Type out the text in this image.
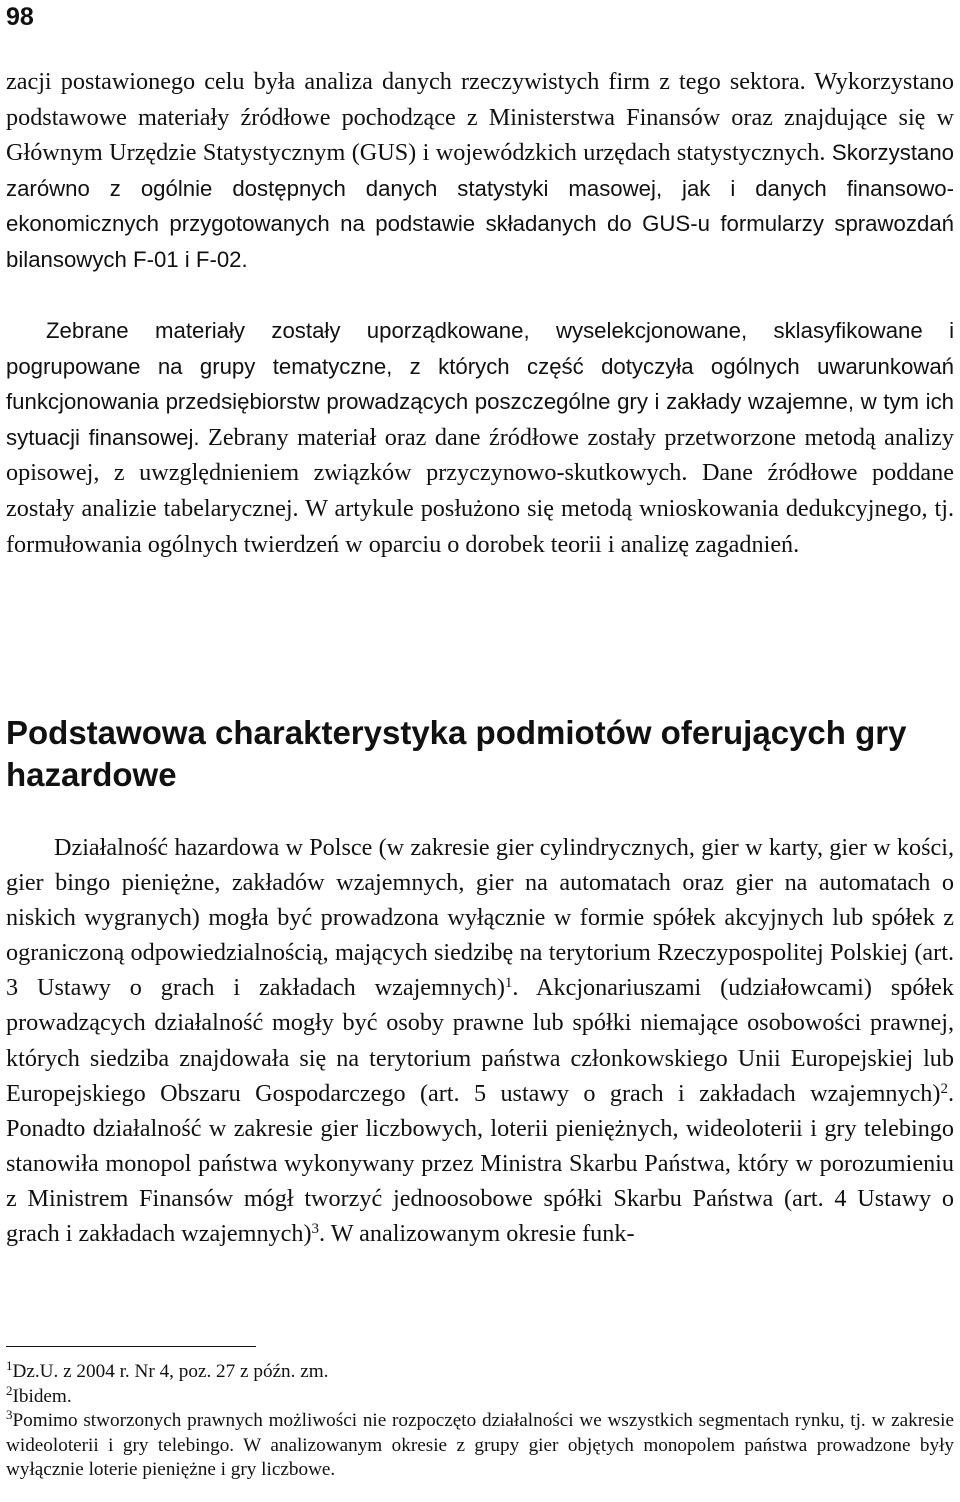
98

zacji postawionego celu była analiza danych rzeczywistych firm z tego sektora. Wykorzystano podstawowe materiały źródłowe pochodzące z Ministerstwa Finansów oraz znajdujące się w Głównym Urzędzie Statystycznym (GUS) i wojewódzkich urzędach statystycznych. Skorzystano zarówno z ogólnie dostępnych danych statystyki masowej, jak i danych finansowo-ekonomicznych przygotowanych na podstawie składanych do GUS-u formularzy sprawozdań bilansowych F-01 i F-02.

Zebrane materiały zostały uporządkowane, wyselekcjonowane, sklasyfikowane i pogrupowane na grupy tematyczne, z których część dotyczyła ogólnych uwarunkowań funkcjonowania przedsiębiorstw prowadzących poszczególne gry i zakłady wzajemne, w tym ich sytuacji finansowej. Zebrany materiał oraz dane źródłowe zostały przetworzone metodą analizy opisowej, z uwzględnieniem związków przyczynowo-skutkowych. Dane źródłowe poddane zostały analizie tabelarycznej. W artykule posłużono się metodą wnioskowania dedukcyjnego, tj. formułowania ogólnych twierdzeń w oparciu o dorobek teorii i analizę zagadnień.

Podstawowa charakterystyka podmiotów oferujących gry hazardowe

Działalność hazardowa w Polsce (w zakresie gier cylindrycznych, gier w karty, gier w kości, gier bingo pieniężne, zakładów wzajemnych, gier na automatach oraz gier na automatach o niskich wygranych) mogła być prowadzona wyłącznie w formie spółek akcyjnych lub spółek z ograniczoną odpowiedzialnością, mających siedzibę na terytorium Rzeczypospolitej Polskiej (art. 3 Ustawy o grach i zakładach wzajemnych)$^1$. Akcjonariuszami (udziałowcami) spółek prowadzących działalność mogły być osoby prawne lub spółki niemające osobowości prawnej, których siedziba znajdowała się na terytorium państwa członkowskiego Unii Europejskiej lub Europejskiego Obszaru Gospodarczego (art. 5 ustawy o grach i zakładach wzajemnych)$^2$. Ponadto działalność w zakresie gier liczbowych, loterii pieniężnych, wideoloterii i gry telebingo stanowiła monopol państwa wykonywany przez Ministra Skarbu Państwa, który w porozumieniu z Ministrem Finansów mógł tworzyć jednoosobowe spółki Skarbu Państwa (art. 4 Ustawy o grach i zakładach wzajemnych)$^3$. W analizowanym okresie funk-

$^1$Dz.U. z 2004 r. Nr 4, poz. 27 z późn. zm.

$^2$Ibidem.

$^3$Pomimo stworzonych prawnych możliwości nie rozpoczęto działalności we wszystkich segmentach rynku, tj. w zakresie wideoloterii i gry telebingo. W analizowanym okresie z grupy gier objętych monopolem państwa prowadzone były wyłącznie loterie pieniężne i gry liczbowe.
